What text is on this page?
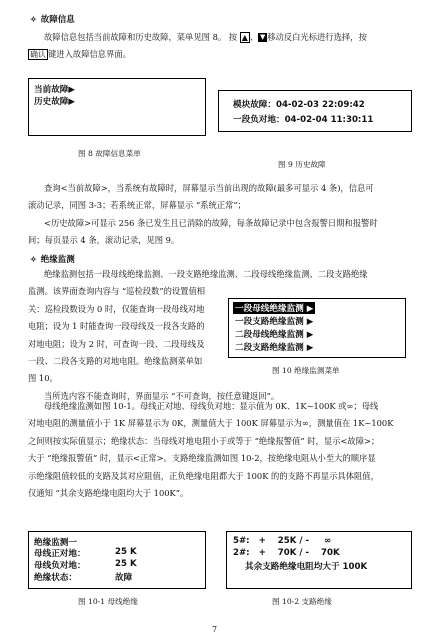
✧ 故障信息
故障信息包括当前故障和历史故障，菜单见图 8。 按 ▲ 、 ▼ 移动反白光标进行选择，按
确认 键进入故障信息界面。
当前故障▶
历史故障▶
图 8 故障信息菜单
模块故障：04-02-03 22:09:42
一段负对地：04-02-04 11:30:11
图 9 历史故障
查询<当前故障>，当系统有故障时，屏幕显示当前出现的故障(最多可显示 4 条)，信息可
滚动记录，同图 3-3；若系统正常，屏幕显示 “系统正常”；
<历史故障>可显示 256 条已发生且已消除的故障，每条故障记录中包含报警日期和报警时
间；每页显示 4 条，滚动记录，见图 9。
✧ 绝缘监测
绝缘监测包括一段母线绝缘监测、一段支路绝缘监测、二段母线绝缘监测、二段支路绝缘
监测。该界面查询内容与 “巡检段数”的设置值相
关：巡检段数设为 0 时，仅能查询一段母线对地
电阻；设为 1 时能查询一段母线及一段各支路的
对地电阻；设为 2 时，可查询一段、二段母线及
一段、二段各支路的对地电阻。绝缘监测菜单如
图 10。
当所选内容不能查询时，界面显示 “不可查询，按任意键返回”。
一段母线绝缘监测 ▶
一段支路绝缘监测 ▶
二段母线绝缘监测 ▶
二段支路绝缘监测 ▶
图 10 绝缘监测菜单
母线绝缘监测如图 10-1。母线正对地、母线负对地：显示值为 0K、1K~100K 或∞；母线
对地电阻的测量值小于 1K 屏幕显示为 0K，测量值大于 100K 屏幕显示为∞，测量值在 1K~100K
之间则按实际值显示；绝缘状态：当母线对地电阻小于或等于 “绝缘报警值” 时，显示<故障>；
大于 “绝缘报警值” 时，显示<正常>。支路绝缘监测如图 10-2，按绝缘电阻从小至大的顺序显
示绝缘阻值较低的支路及其对应阻值，正负绝缘电阻都大于 100K 的的支路不再显示具体阻值，
仅通知 “其余支路绝缘电阻均大于 100K”。
绝缘监测一
母线正对地：	25 K
母线负对地：	25 K
绝缘状态：	故障
图 10-1 母线绝缘
5#:   +    25K / -     ∞
2#:   +    70K / -    70K
其余支路绝缘电阻均大于 100K
图 10-2 支路绝缘
7
